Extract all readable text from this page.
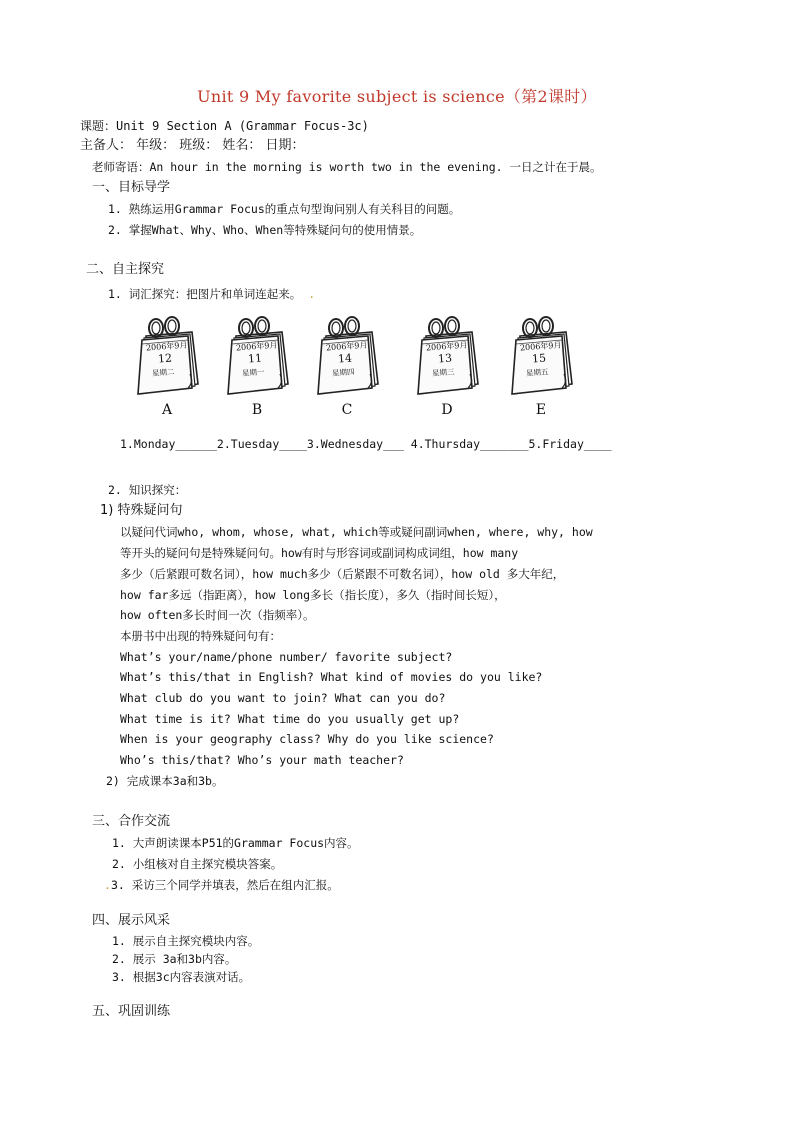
Unit 9 My favorite subject is science（第2课时）
课题：Unit 9 Section A (Grammar Focus-3c)
主备人： 年级： 班级： 姓名： 日期：
老师寄语：An hour in the morning is worth two in the evening. 一日之计在于晨。
一、目标导学
1. 熟练运用Grammar Focus的重点句型询问别人有关科目的问题。
2. 掌握What、Why、Who、When等特殊疑问句的使用情景。
二、自主探究
1. 词汇探究：把图片和单词连起来。 .
2006年9月
12
星期二
A
2006年9月
11
星期一
B
2006年9月
14
星期四
C
2006年9月
13
星期三
D
2006年9月
15
星期五
E
1.Monday______2.Tuesday____3.Wednesday___ 4.Thursday_______5.Friday____
2. 知识探究：
1) 特殊疑问句
以疑问代词who, whom, whose, what, which等或疑问副词when, where, why, how
等开头的疑问句是特殊疑问句。how有时与形容词或副词构成词组，how many
多少（后紧跟可数名词），how much多少（后紧跟不可数名词），how old 多大年纪，
how far多远（指距离），how long多长（指长度），多久（指时间长短），
how often多长时间一次（指频率）。
本册书中出现的特殊疑问句有：
What’s your/name/phone number/ favorite subject?
What’s this/that in English? What kind of movies do you like?
What club do you want to join? What can you do?
What time is it? What time do you usually get up?
When is your geography class? Why do you like science?
Who’s this/that? Who’s your math teacher?
2) 完成课本3a和3b。
三、合作交流
1. 大声朗读课本P51的Grammar Focus内容。
2. 小组核对自主探究模块答案。
.3. 采访三个同学并填表，然后在组内汇报。
四、展示风采
1. 展示自主探究模块内容。
2. 展示 3a和3b内容。
3. 根据3c内容表演对话。
五、巩固训练
